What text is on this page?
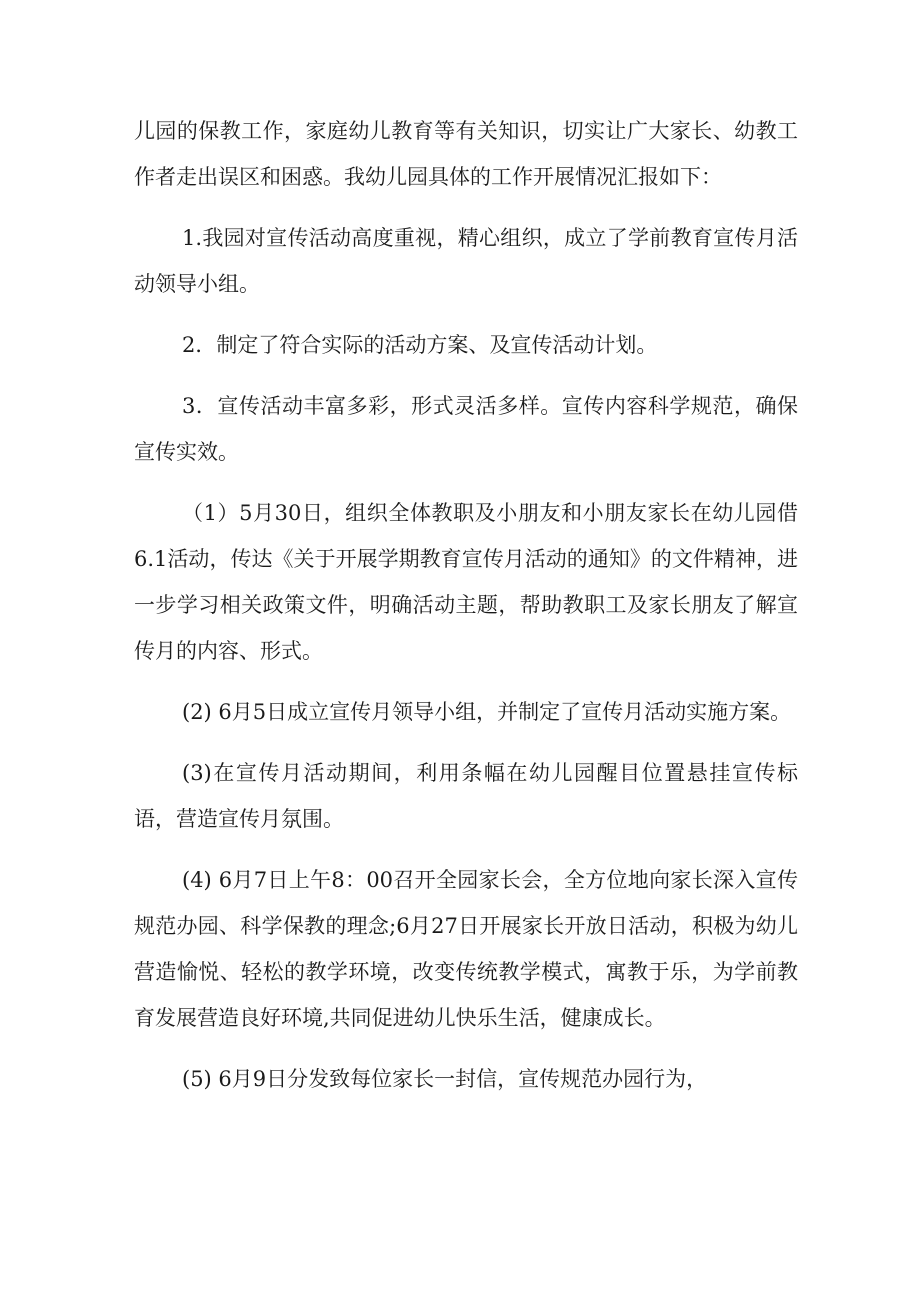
儿园的保教工作，家庭幼儿教育等有关知识，切实让广大家长、幼教工作者走出误区和困惑。我幼儿园具体的工作开展情况汇报如下：

1.我园对宣传活动高度重视，精心组织，成立了学前教育宣传月活动领导小组。

2．制定了符合实际的活动方案、及宣传活动计划。

3．宣传活动丰富多彩，形式灵活多样。宣传内容科学规范，确保宣传实效。

（1）5月30日，组织全体教职及小朋友和小朋友家长在幼儿园借6.1活动，传达《关于开展学期教育宣传月活动的通知》的文件精神，进一步学习相关政策文件，明确活动主题，帮助教职工及家长朋友了解宣传月的内容、形式。

(2) 6月5日成立宣传月领导小组，并制定了宣传月活动实施方案。

(3)在宣传月活动期间，利用条幅在幼儿园醒目位置悬挂宣传标语，营造宣传月氛围。

(4) 6月7日上午8：00召开全园家长会，全方位地向家长深入宣传规范办园、科学保教的理念;6月27日开展家长开放日活动，积极为幼儿营造愉悦、轻松的教学环境，改变传统教学模式，寓教于乐，为学前教育发展营造良好环境,共同促进幼儿快乐生活，健康成长。

(5) 6月9日分发致每位家长一封信，宣传规范办园行为，
